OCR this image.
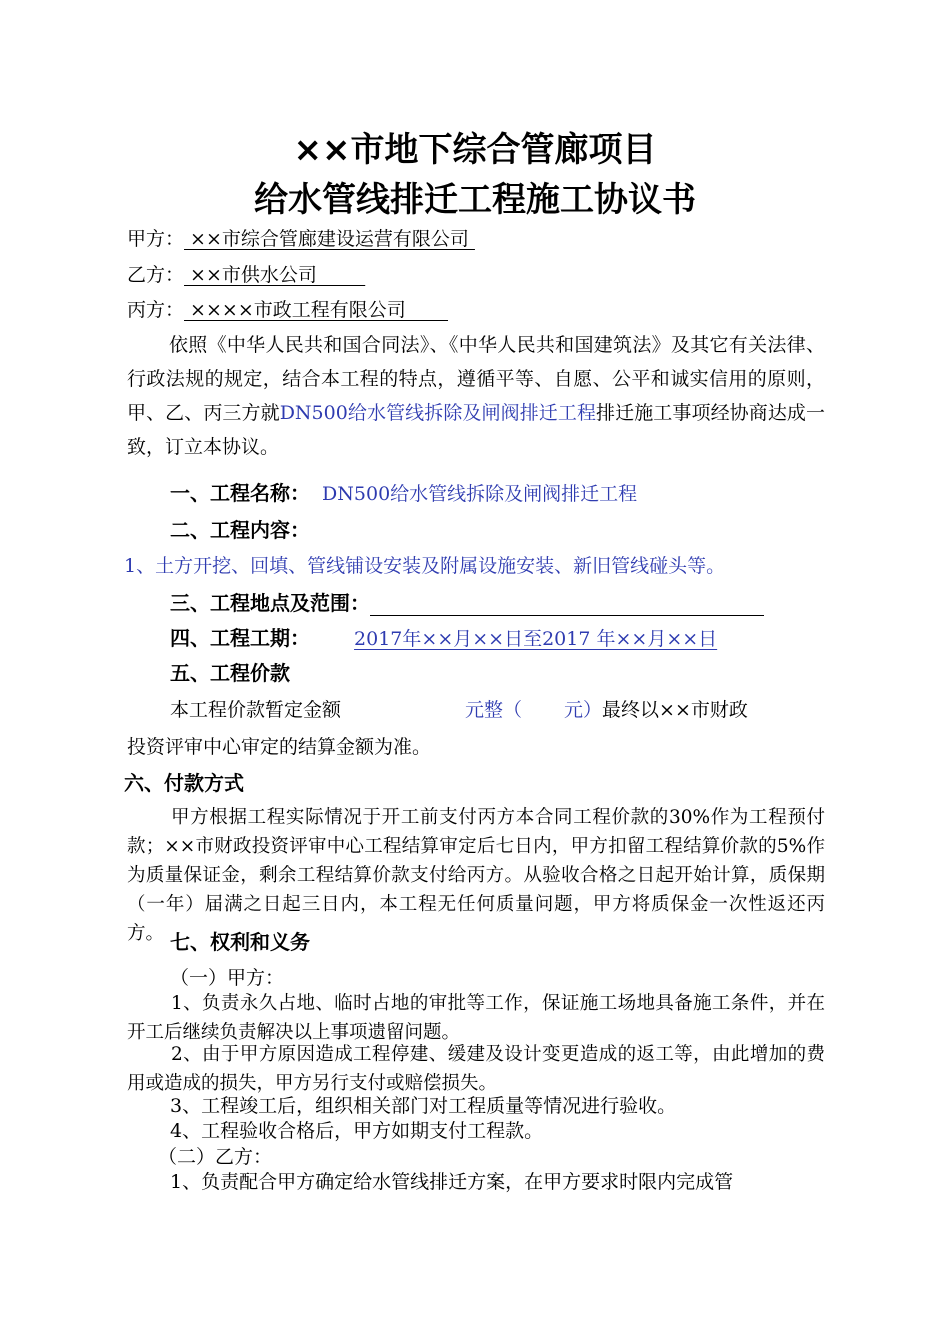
××市地下综合管廊项目
给水管线排迁工程施工协议书
甲方： ××市综合管廊建设运营有限公司
乙方： ××市供水公司
丙方： ××××市政工程有限公司
依照《中华人民共和国合同法》、《中华人民共和国建筑法》及其它有关法律、行政法规的规定，结合本工程的特点，遵循平等、自愿、公平和诚实信用的原则，甲、乙、丙三方就DN500给水管线拆除及闸阀排迁工程排迁施工事项经协商达成一致，订立本协议。
一、工程名称： DN500给水管线拆除及闸阀排迁工程
二、工程内容：
1、土方开挖、回填、管线铺设安装及附属设施安装、新旧管线碰头等。
三、工程地点及范围：
四、工程工期： 2017年××月××日至2017 年××月××日
五、工程价款
本工程价款暂定金额	元整（ 元）最终以××市财政
投资评审中心审定的结算金额为准。
六、付款方式
甲方根据工程实际情况于开工前支付丙方本合同工程价款的30%作为工程预付款；××市财政投资评审中心工程结算审定后七日内，甲方扣留工程结算价款的5%作为质量保证金，剩余工程结算价款支付给丙方。从验收合格之日起开始计算，质保期（一年）届满之日起三日内，本工程无任何质量问题，甲方将质保金一次性返还丙方。 七、权利和义务
（一）甲方：
1、负责永久占地、临时占地的审批等工作，保证施工场地具备施工条件，并在开工后继续负责解决以上事项遗留问题。
2、由于甲方原因造成工程停建、缓建及设计变更造成的返工等，由此增加的费用或造成的损失，甲方另行支付或赔偿损失。
3、工程竣工后，组织相关部门对工程质量等情况进行验收。
4、工程验收合格后，甲方如期支付工程款。
（二）乙方：
1、负责配合甲方确定给水管线排迁方案，在甲方要求时限内完成管
